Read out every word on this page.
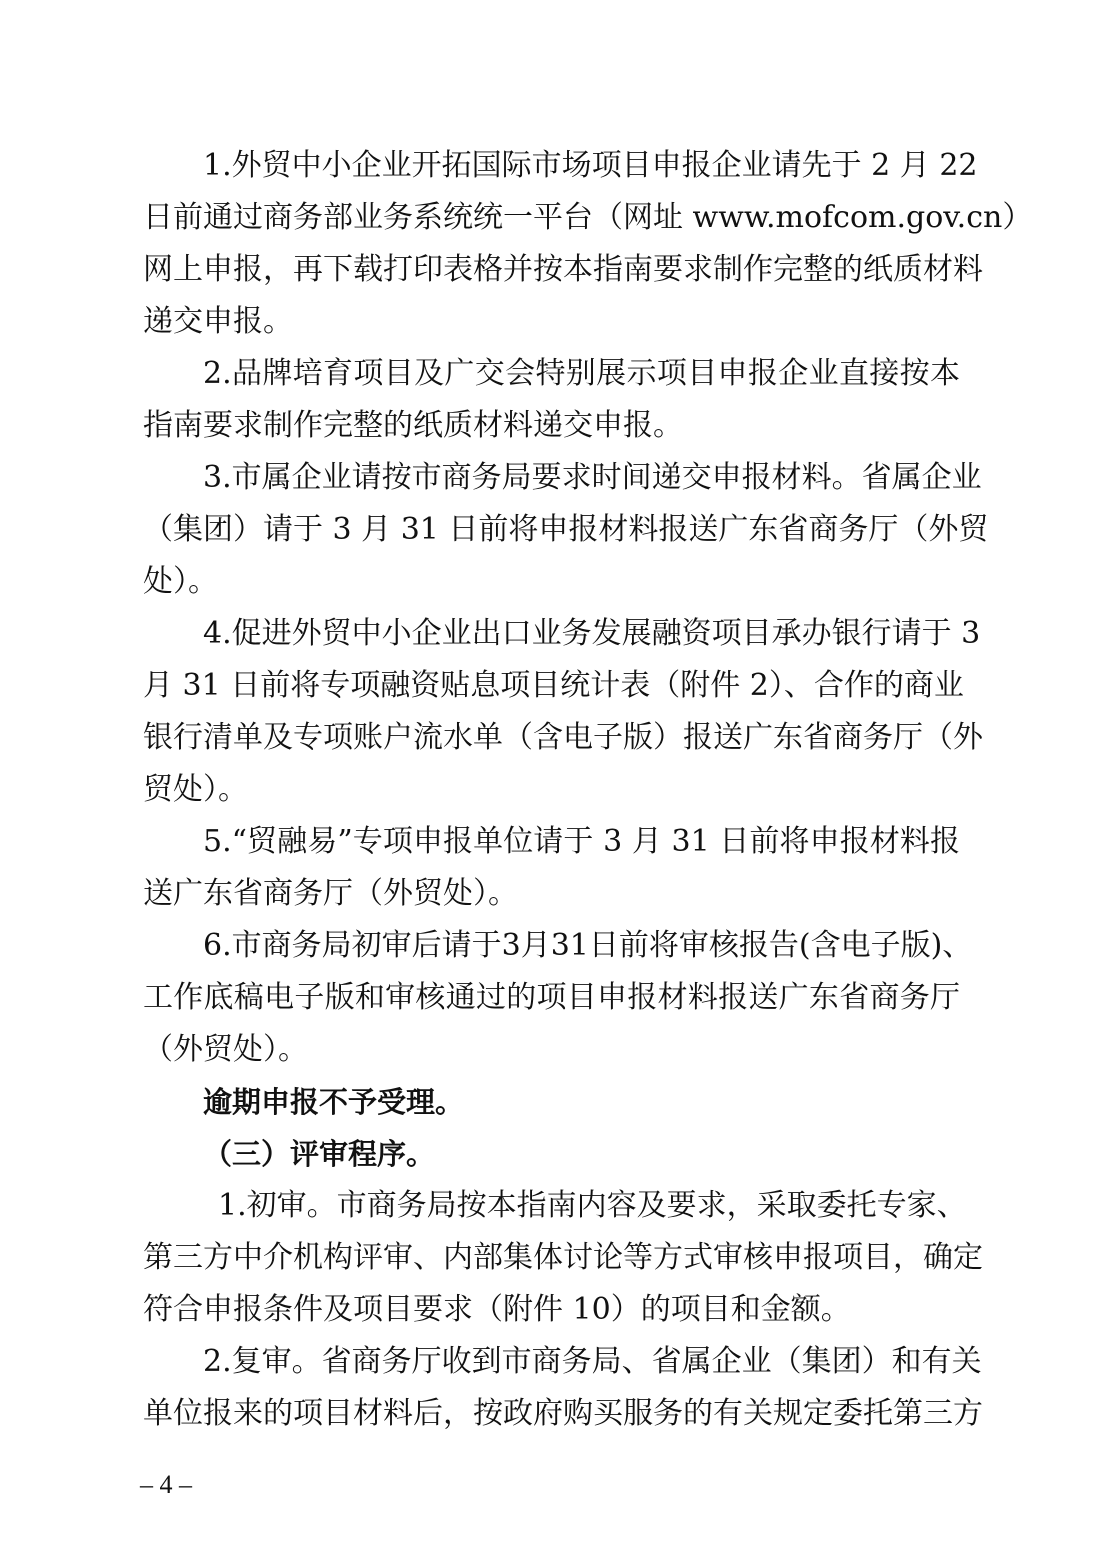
1.外贸中小企业开拓国际市场项目申报企业请先于 2 月 22
日前通过商务部业务系统统一平台（网址 www.mofcom.gov.cn）
网上申报，再下载打印表格并按本指南要求制作完整的纸质材料
递交申报。
2.品牌培育项目及广交会特别展示项目申报企业直接按本
指南要求制作完整的纸质材料递交申报。
3.市属企业请按市商务局要求时间递交申报材料。省属企业
（集团）请于 3 月 31 日前将申报材料报送广东省商务厅（外贸
处）。
4.促进外贸中小企业出口业务发展融资项目承办银行请于 3
月 31 日前将专项融资贴息项目统计表（附件 2）、合作的商业
银行清单及专项账户流水单（含电子版）报送广东省商务厅（外
贸处）。
5.“贸融易”专项申报单位请于 3 月 31 日前将申报材料报
送广东省商务厅（外贸处）。
6.市商务局初审后请于3月31日前将审核报告(含电子版)、
工作底稿电子版和审核通过的项目申报材料报送广东省商务厅
（外贸处）。
逾期申报不予受理。
（三）评审程序。
1.初审。市商务局按本指南内容及要求，采取委托专家、
第三方中介机构评审、内部集体讨论等方式审核申报项目，确定
符合申报条件及项目要求（附件 10）的项目和金额。
2.复审。省商务厅收到市商务局、省属企业（集团）和有关
单位报来的项目材料后，按政府购买服务的有关规定委托第三方
– 4 –
